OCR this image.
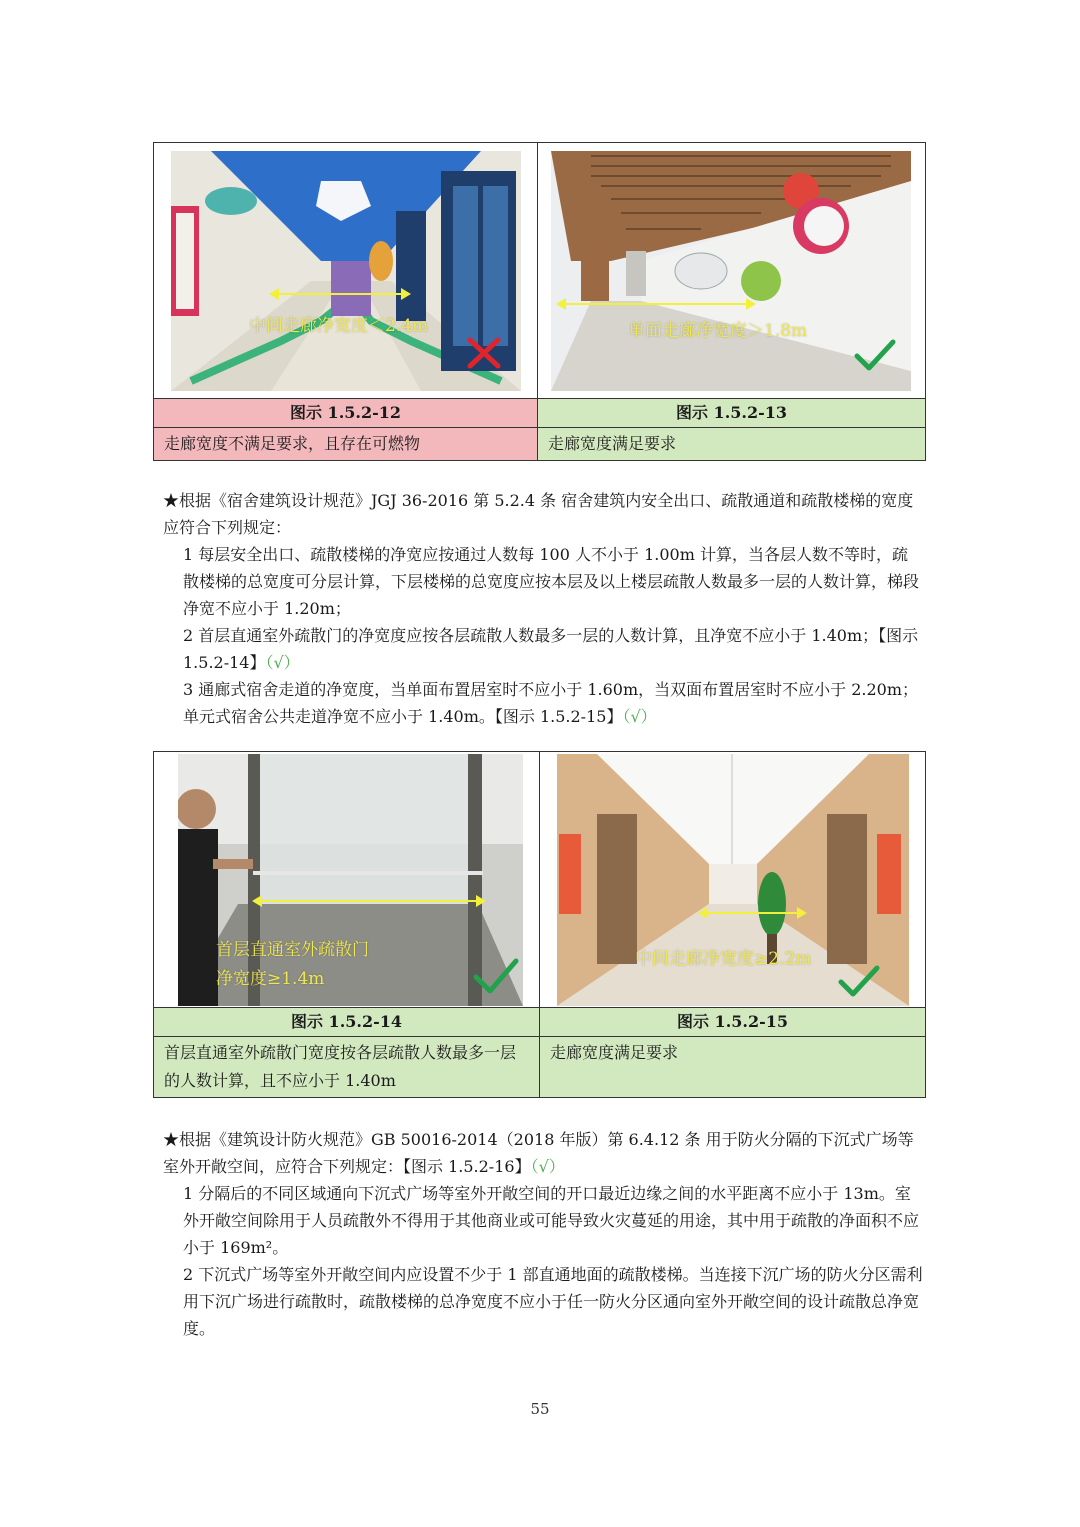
中间走廊净宽度＜2.4m	单面走廊净宽度＞1.8m

图示 1.5.2-12	图示 1.5.2-13
走廊宽度不满足要求，且存在可燃物	走廊宽度满足要求

★根据《宿舍建筑设计规范》JGJ 36-2016 第 5.2.4 条 宿舍建筑内安全出口、疏散通道和疏散楼梯的宽度应符合下列规定：

1 每层安全出口、疏散楼梯的净宽应按通过人数每 100 人不小于 1.00m 计算，当各层人数不等时，疏散楼梯的总宽度可分层计算，下层楼梯的总宽度应按本层及以上楼层疏散人数最多一层的人数计算，梯段净宽不应小于 1.20m；

2 首层直通室外疏散门的净宽度应按各层疏散人数最多一层的人数计算，且净宽不应小于 1.40m；【图示 1.5.2-14】（√）

3 通廊式宿舍走道的净宽度，当单面布置居室时不应小于 1.60m，当双面布置居室时不应小于 2.20m；单元式宿舍公共走道净宽不应小于 1.40m。【图示 1.5.2-15】（√）

首层直通室外疏散门
净宽度≥1.4m	中间走廊净宽度≥2.2m

图示 1.5.2-14	图示 1.5.2-15
首层直通室外疏散门宽度按各层疏散人数最多一层的人数计算，且不应小于 1.40m	走廊宽度满足要求

★根据《建筑设计防火规范》GB 50016-2014（2018 年版）第 6.4.12 条 用于防火分隔的下沉式广场等室外开敞空间，应符合下列规定：【图示 1.5.2-16】（√）

1 分隔后的不同区域通向下沉式广场等室外开敞空间的开口最近边缘之间的水平距离不应小于 13m。室外开敞空间除用于人员疏散外不得用于其他商业或可能导致火灾蔓延的用途，其中用于疏散的净面积不应小于 169m²。

2 下沉式广场等室外开敞空间内应设置不少于 1 部直通地面的疏散楼梯。当连接下沉广场的防火分区需利用下沉广场进行疏散时，疏散楼梯的总净宽度不应小于任一防火分区通向室外开敞空间的设计疏散总净宽度。

55
